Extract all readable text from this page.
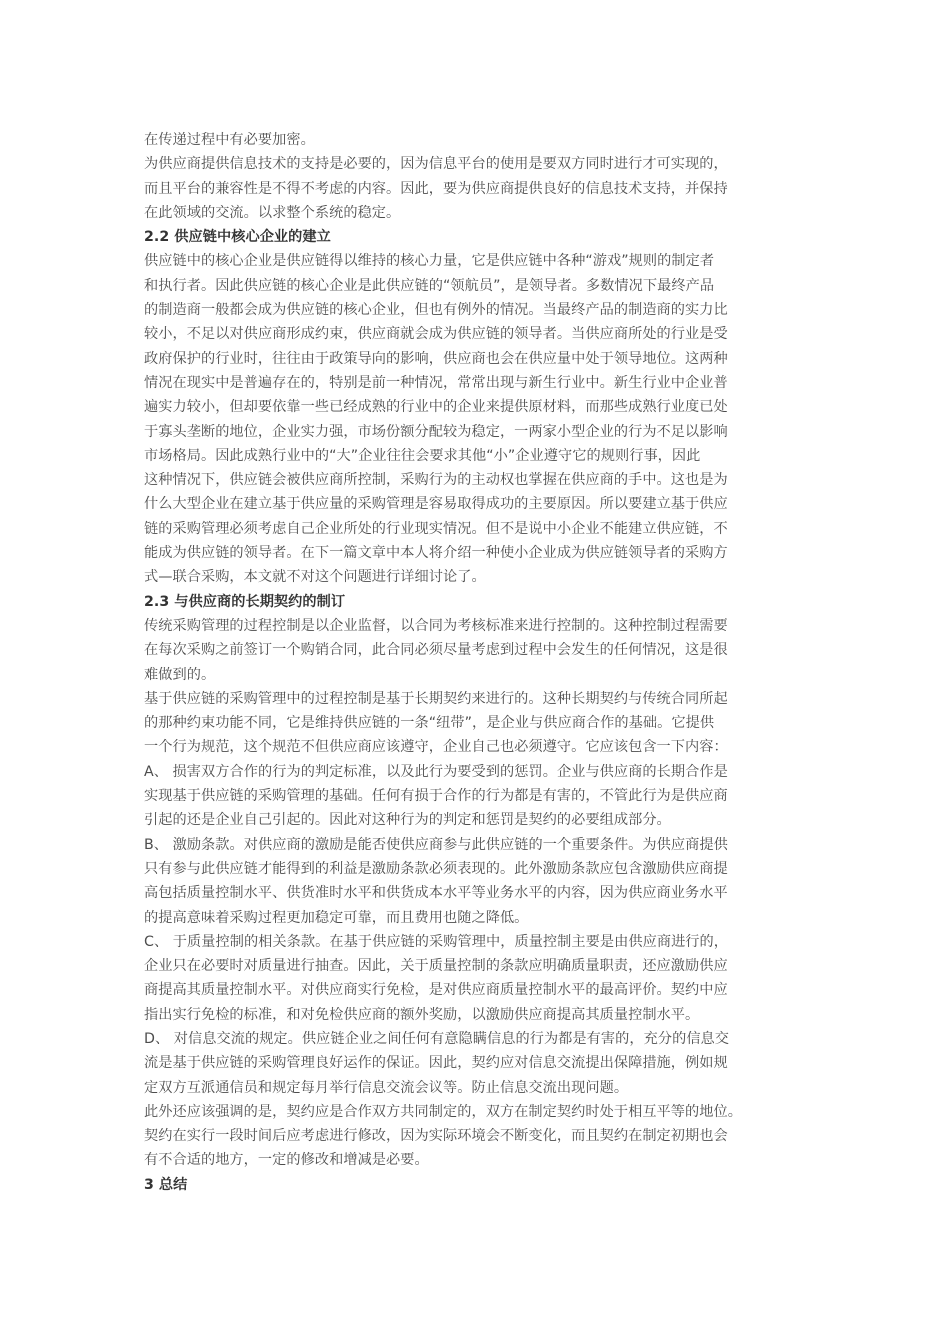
在传递过程中有必要加密。
为供应商提供信息技术的支持是必要的，因为信息平台的使用是要双方同时进行才可实现的，
而且平台的兼容性是不得不考虑的内容。因此，要为供应商提供良好的信息技术支持，并保持
在此领域的交流。以求整个系统的稳定。
2.2 供应链中核心企业的建立
供应链中的核心企业是供应链得以维持的核心力量，它是供应链中各种“游戏”规则的制定者
和执行者。因此供应链的核心企业是此供应链的“领航员”，是领导者。多数情况下最终产品
的制造商一般都会成为供应链的核心企业，但也有例外的情况。当最终产品的制造商的实力比
较小，不足以对供应商形成约束，供应商就会成为供应链的领导者。当供应商所处的行业是受
政府保护的行业时，往往由于政策导向的影响，供应商也会在供应量中处于领导地位。这两种
情况在现实中是普遍存在的，特别是前一种情况，常常出现与新生行业中。新生行业中企业普
遍实力较小，但却要依靠一些已经成熟的行业中的企业来提供原材料，而那些成熟行业度已处
于寡头垄断的地位，企业实力强，市场份额分配较为稳定，一两家小型企业的行为不足以影响
市场格局。因此成熟行业中的“大”企业往往会要求其他“小”企业遵守它的规则行事，因此
这种情况下，供应链会被供应商所控制，采购行为的主动权也掌握在供应商的手中。这也是为
什么大型企业在建立基于供应量的采购管理是容易取得成功的主要原因。所以要建立基于供应
链的采购管理必须考虑自己企业所处的行业现实情况。但不是说中小企业不能建立供应链，不
能成为供应链的领导者。在下一篇文章中本人将介绍一种使小企业成为供应链领导者的采购方
式—联合采购，本文就不对这个问题进行详细讨论了。
2.3 与供应商的长期契约的制订
传统采购管理的过程控制是以企业监督，以合同为考核标准来进行控制的。这种控制过程需要
在每次采购之前签订一个购销合同，此合同必须尽量考虑到过程中会发生的任何情况，这是很
难做到的。
基于供应链的采购管理中的过程控制是基于长期契约来进行的。这种长期契约与传统合同所起
的那种约束功能不同，它是维持供应链的一条“纽带”，是企业与供应商合作的基础。它提供
一个行为规范，这个规范不但供应商应该遵守，企业自己也必须遵守。它应该包含一下内容：
A、 损害双方合作的行为的判定标准，以及此行为要受到的惩罚。企业与供应商的长期合作是
实现基于供应链的采购管理的基础。任何有损于合作的行为都是有害的，不管此行为是供应商
引起的还是企业自己引起的。因此对这种行为的判定和惩罚是契约的必要组成部分。
B、 激励条款。对供应商的激励是能否使供应商参与此供应链的一个重要条件。为供应商提供
只有参与此供应链才能得到的利益是激励条款必须表现的。此外激励条款应包含激励供应商提
高包括质量控制水平、供货准时水平和供货成本水平等业务水平的内容，因为供应商业务水平
的提高意味着采购过程更加稳定可靠，而且费用也随之降低。
C、 于质量控制的相关条款。在基于供应链的采购管理中，质量控制主要是由供应商进行的，
企业只在必要时对质量进行抽查。因此，关于质量控制的条款应明确质量职责，还应激励供应
商提高其质量控制水平。对供应商实行免检，是对供应商质量控制水平的最高评价。契约中应
指出实行免检的标准，和对免检供应商的额外奖励，以激励供应商提高其质量控制水平。
D、 对信息交流的规定。供应链企业之间任何有意隐瞒信息的行为都是有害的，充分的信息交
流是基于供应链的采购管理良好运作的保证。因此，契约应对信息交流提出保障措施，例如规
定双方互派通信员和规定每月举行信息交流会议等。防止信息交流出现问题。
此外还应该强调的是，契约应是合作双方共同制定的，双方在制定契约时处于相互平等的地位。
契约在实行一段时间后应考虑进行修改，因为实际环境会不断变化，而且契约在制定初期也会
有不合适的地方，一定的修改和增减是必要。
3 总结
